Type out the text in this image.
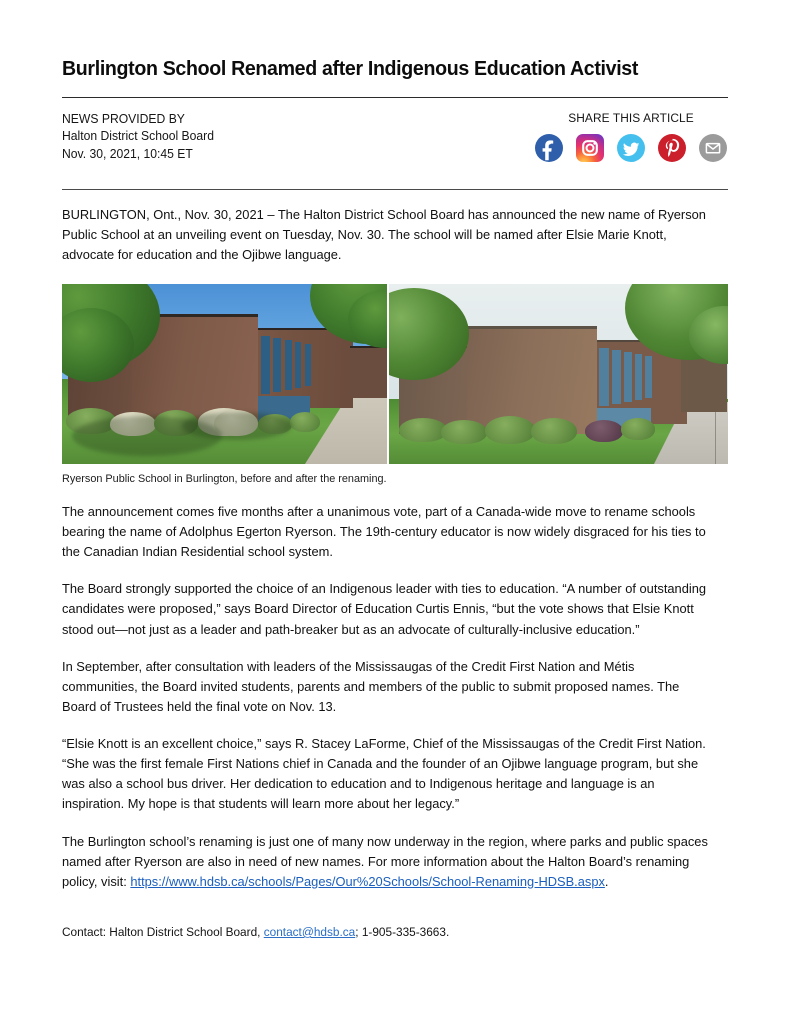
Burlington School Renamed after Indigenous Education Activist
NEWS PROVIDED BY
Halton District School Board
Nov. 30, 2021, 10:45 ET
SHARE THIS ARTICLE

BURLINGTON, Ont., Nov. 30, 2021 – The Halton District School Board has announced the new name of Ryerson Public School at an unveiling event on Tuesday, Nov. 30. The school will be named after Elsie Marie Knott, advocate for education and the Ojibwe language.

Ryerson Public School in Burlington, before and after the renaming.

The announcement comes five months after a unanimous vote, part of a Canada-wide move to rename schools bearing the name of Adolphus Egerton Ryerson. The 19th-century educator is now widely disgraced for his ties to the Canadian Indian Residential school system.

The Board strongly supported the choice of an Indigenous leader with ties to education. “A number of outstanding candidates were proposed,” says Board Director of Education Curtis Ennis, “but the vote shows that Elsie Knott stood out—not just as a leader and path-breaker but as an advocate of culturally-inclusive education.”

In September, after consultation with leaders of the Mississaugas of the Credit First Nation and Métis communities, the Board invited students, parents and members of the public to submit proposed names. The Board of Trustees held the final vote on Nov. 13.

“Elsie Knott is an excellent choice,” says R. Stacey LaForme, Chief of the Mississaugas of the Credit First Nation. “She was the first female First Nations chief in Canada and the founder of an Ojibwe language program, but she was also a school bus driver. Her dedication to education and to Indigenous heritage and language is an inspiration. My hope is that students will learn more about her legacy.”

The Burlington school’s renaming is just one of many now underway in the region, where parks and public spaces named after Ryerson are also in need of new names. For more information about the Halton Board’s renaming policy, visit: https://www.hdsb.ca/schools/Pages/Our%20Schools/School-Renaming-HDSB.aspx.

Contact: Halton District School Board, contact@hdsb.ca; 1-905-335-3663.
